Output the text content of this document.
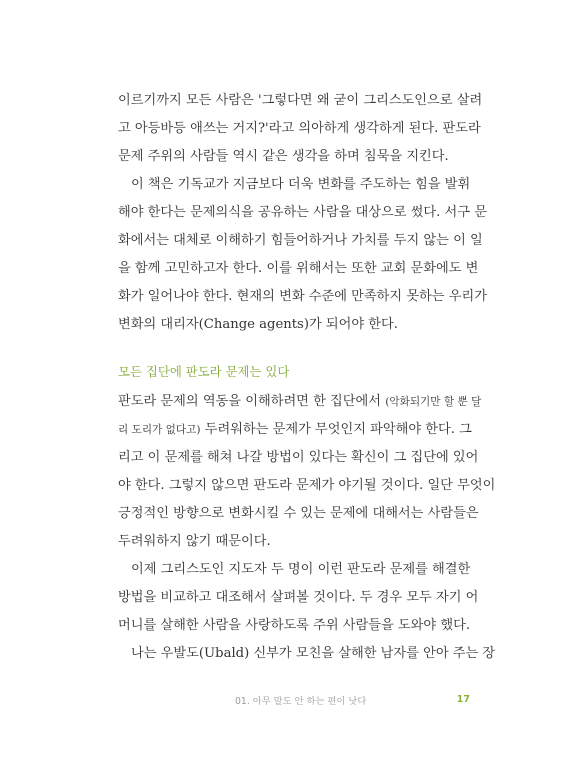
이르기까지 모든 사람은 '그렇다면 왜 굳이 그리스도인으로 살려
고 아등바등 애쓰는 거지?'라고 의아하게 생각하게 된다. 판도라
문제 주위의 사람들 역시 같은 생각을 하며 침묵을 지킨다.
이 책은 기독교가 지금보다 더욱 변화를 주도하는 힘을 발휘
해야 한다는 문제의식을 공유하는 사람을 대상으로 썼다. 서구 문
화에서는 대체로 이해하기 힘들어하거나 가치를 두지 않는 이 일
을 함께 고민하고자 한다. 이를 위해서는 또한 교회 문화에도 변
화가 일어나야 한다. 현재의 변화 수준에 만족하지 못하는 우리가
변화의 대리자(Change agents)가 되어야 한다.
모든 집단에 판도라 문제는 있다
판도라 문제의 역동을 이해하려면 한 집단에서 (악화되기만 할 뿐 달
리 도리가 없다고) 두려워하는 문제가 무엇인지 파악해야 한다. 그
리고 이 문제를 해쳐 나갈 방법이 있다는 확신이 그 집단에 있어
야 한다. 그렇지 않으면 판도라 문제가 야기될 것이다. 일단 무엇이
긍정적인 방향으로 변화시킬 수 있는 문제에 대해서는 사람들은
두려워하지 않기 때문이다.
이제 그리스도인 지도자 두 명이 이런 판도라 문제를 해결한
방법을 비교하고 대조해서 살펴볼 것이다. 두 경우 모두 자기 어
머니를 살해한 사람을 사랑하도록 주위 사람들을 도와야 했다.
나는 우발도(Ubald) 신부가 모친을 살해한 남자를 안아 주는 장
01. 아무 말도 안 하는 편이 낫다	17
